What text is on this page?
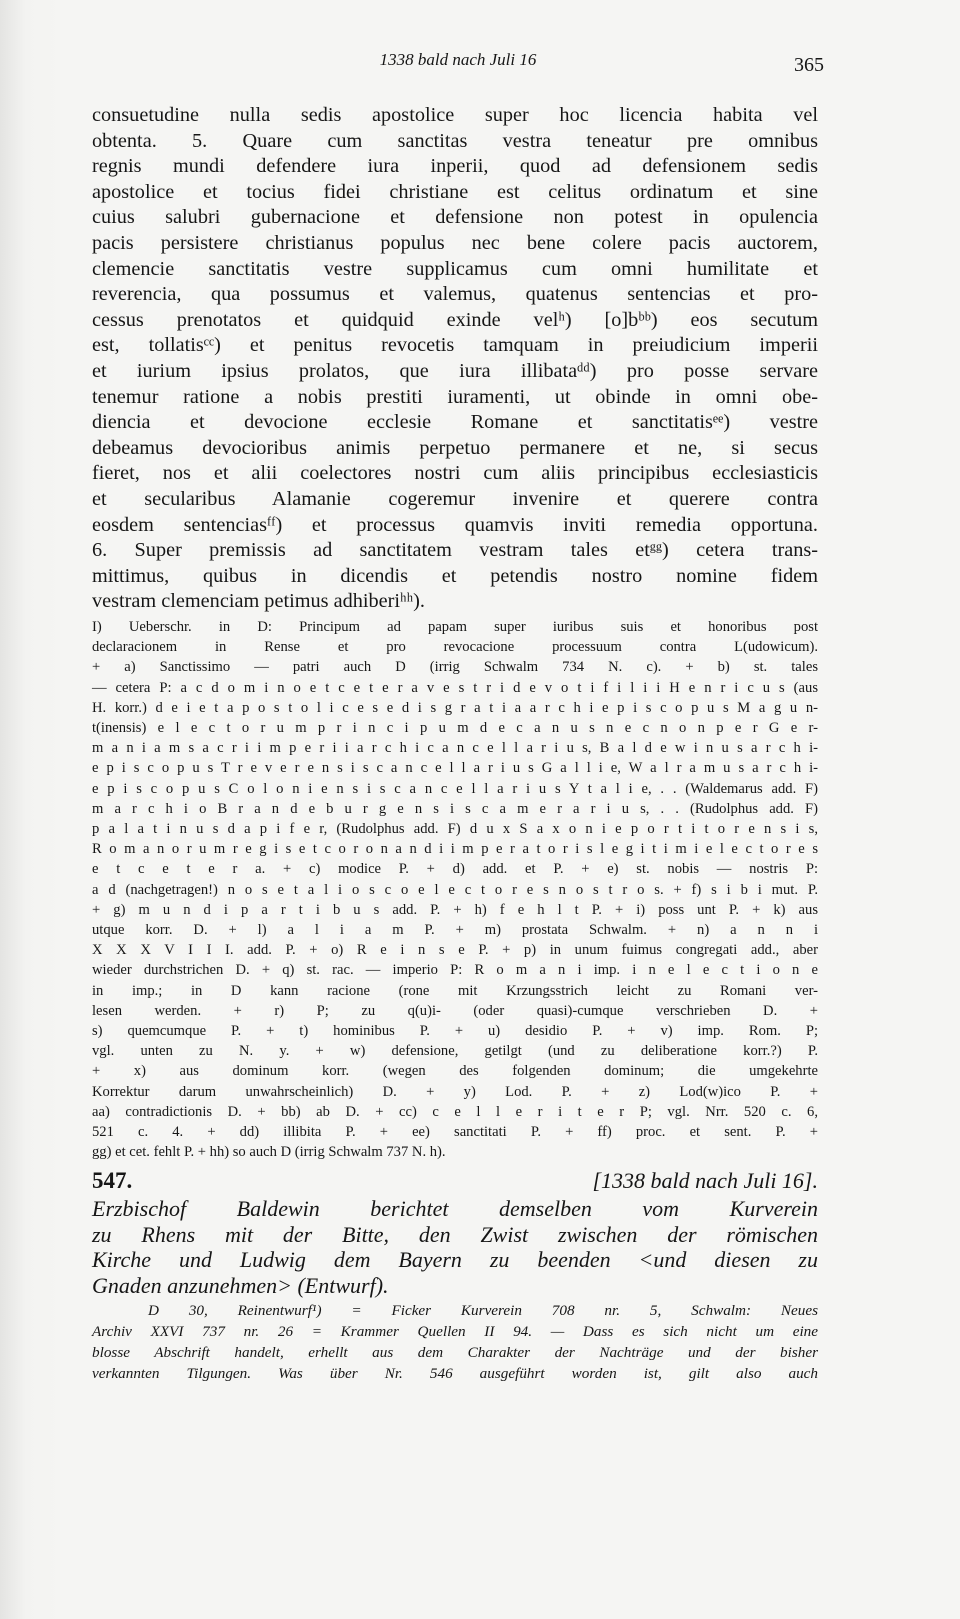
1338 bald nach Juli 16	365
consuetudine nulla sedis apostolice super hoc licencia habita vel
obtenta. 5. Quare cum sanctitas vestra teneatur pre omnibus
regnis mundi defendere iura inperii, quod ad defensionem sedis
apostolice et tocius fidei christiane est celitus ordinatum et sine
cuius salubri gubernacione et defensione non potest in opulencia
pacis persistere christianus populus nec bene colere pacis auctorem,
clemencie sanctitatis vestre supplicamus cum omni humilitate et
reverencia, qua possumus et valemus, quatenus sentencias et pro-
cessus prenotatos et quidquid exinde velʰ) [o]bᵇᵇ) eos secutum
est, tollatisᶜᶜ) et penitus revocetis tamquam in preiudicium imperii
et iurium ipsius prolatos, que iura illibataᵈᵈ) pro posse servare
tenemur ratione a nobis prestiti iuramenti, ut obinde in omni obe-
diencia et devocione ecclesie Romane et sanctitatisᵉᵉ) vestre
debeamus devocioribus animis perpetuo permanere et ne, si secus
fieret, nos et alii coelectores nostri cum aliis principibus ecclesiasticis
et secularibus Alamanie cogeremur invenire et querere contra
eosdem sentenciasᶠᶠ) et processus quamvis inviti remedia opportuna.
6. Super premissis ad sanctitatem vestram tales etᵍᵍ) cetera trans-
mittimus, quibus in dicendis et petendis nostro nomine fidem
vestram clemenciam petimus adhiberiʰʰ).
I) Ueberschr. in D: Principum ad papam super iuribus suis et honoribus post
declaracionem in Rense et pro revocacione processuum contra L(udowicum).
+ a) Sanctissimo — patri auch D (irrig Schwalm 734 N. c). + b) st. tales
— cetera P: a c d o m i n o e t c e t e r a v e s t r i d e v o t i f i l i i H e n r i c u s (aus
H. korr.) d e i e t a p o s t o l i c e s e d i s g r a t i a a r c h i e p i s c o p u s M a g u n-
t(inensis) e l e c t o r u m p r i n c i p u m d e c a n u s n e c n o n p e r G e r-
m a n i a m s a c r i i m p e r i i a r c h i c a n c e l l a r i u s, B a l d e w i n u s a r c h i-
e p i s c o p u s T r e v e r e n s i s c a n c e l l a r i u s G a l l i e, W a l r a m u s a r c h i-
e p i s c o p u s C o l o n i e n s i s c a n c e l l a r i u s Y t a l i e, . . (Waldemarus add. F)
m a r c h i o B r a n d e b u r g e n s i s c a m e r a r i u s, . . (Rudolphus add. F)
p a l a t i n u s d a p i f e r, (Rudolphus add. F) d u x S a x o n i e p o r t i t o r e n s i s,
R o m a n o r u m r e g i s e t c o r o n a n d i i m p e r a t o r i s l e g i t i m i e l e c t o r e s
e t c e t e r a. + c) modice P. + d) add. et P. + e) st. nobis — nostris P:
a d (nachgetragen!) n o s e t a l i o s c o e l e c t o r e s n o s t r o s. + f) s i b i mut. P.
+ g) m u n d i p a r t i b u s add. P. + h) f e h l t P. + i) poss unt P. + k) aus
utque korr. D. + l) a l i a m P. + m) prostata Schwalm. + n) a n n i
X X X V I I I. add. P. + o) R e i n s e P. + p) in unum fuimus congregati add., aber
wieder durchstrichen D. + q) st. rac. — imperio P: R o m a n i imp. i n e l e c t i o n e
in imp.; in D kann racione (rone mit Krzungsstrich leicht zu Romani ver-
lesen werden. + r) P; zu q(u)i- (oder quasi)-cumque verschrieben D. +
s) quemcumque P. + t) hominibus P. + u) desidio P. + v) imp. Rom. P;
vgl. unten zu N. y. + w) defensione, getilgt (und zu deliberatione korr.?) P.
+ x) aus dominum korr. (wegen des folgenden dominum; die umgekehrte
Korrektur darum unwahrscheinlich) D. + y) Lod. P. + z) Lod(w)ico P. +
aa) contradictionis D. + bb) ab D. + cc) c e l l e r i t e r P; vgl. Nrr. 520 c. 6,
521 c. 4. + dd) illibita P. + ee) sanctitati P. + ff) proc. et sent. P. +
gg) et cet. fehlt P. + hh) so auch D (irrig Schwalm 737 N. h).
547.	[1338 bald nach Juli 16].
Erzbischof Baldewin berichtet demselben vom Kurverein
zu Rhens mit der Bitte, den Zwist zwischen der römischen
Kirche und Ludwig dem Bayern zu beenden <und diesen zu
Gnaden anzunehmen> (Entwurf).
D 30, Reinentwurf¹) = Ficker Kurverein 708 nr. 5, Schwalm: Neues
Archiv XXVI 737 nr. 26 = Krammer Quellen II 94. — Dass es sich nicht um eine
blosse Abschrift handelt, erhellt aus dem Charakter der Nachträge und der bisher
verkannten Tilgungen. Was über Nr. 546 ausgeführt worden ist, gilt also auch
